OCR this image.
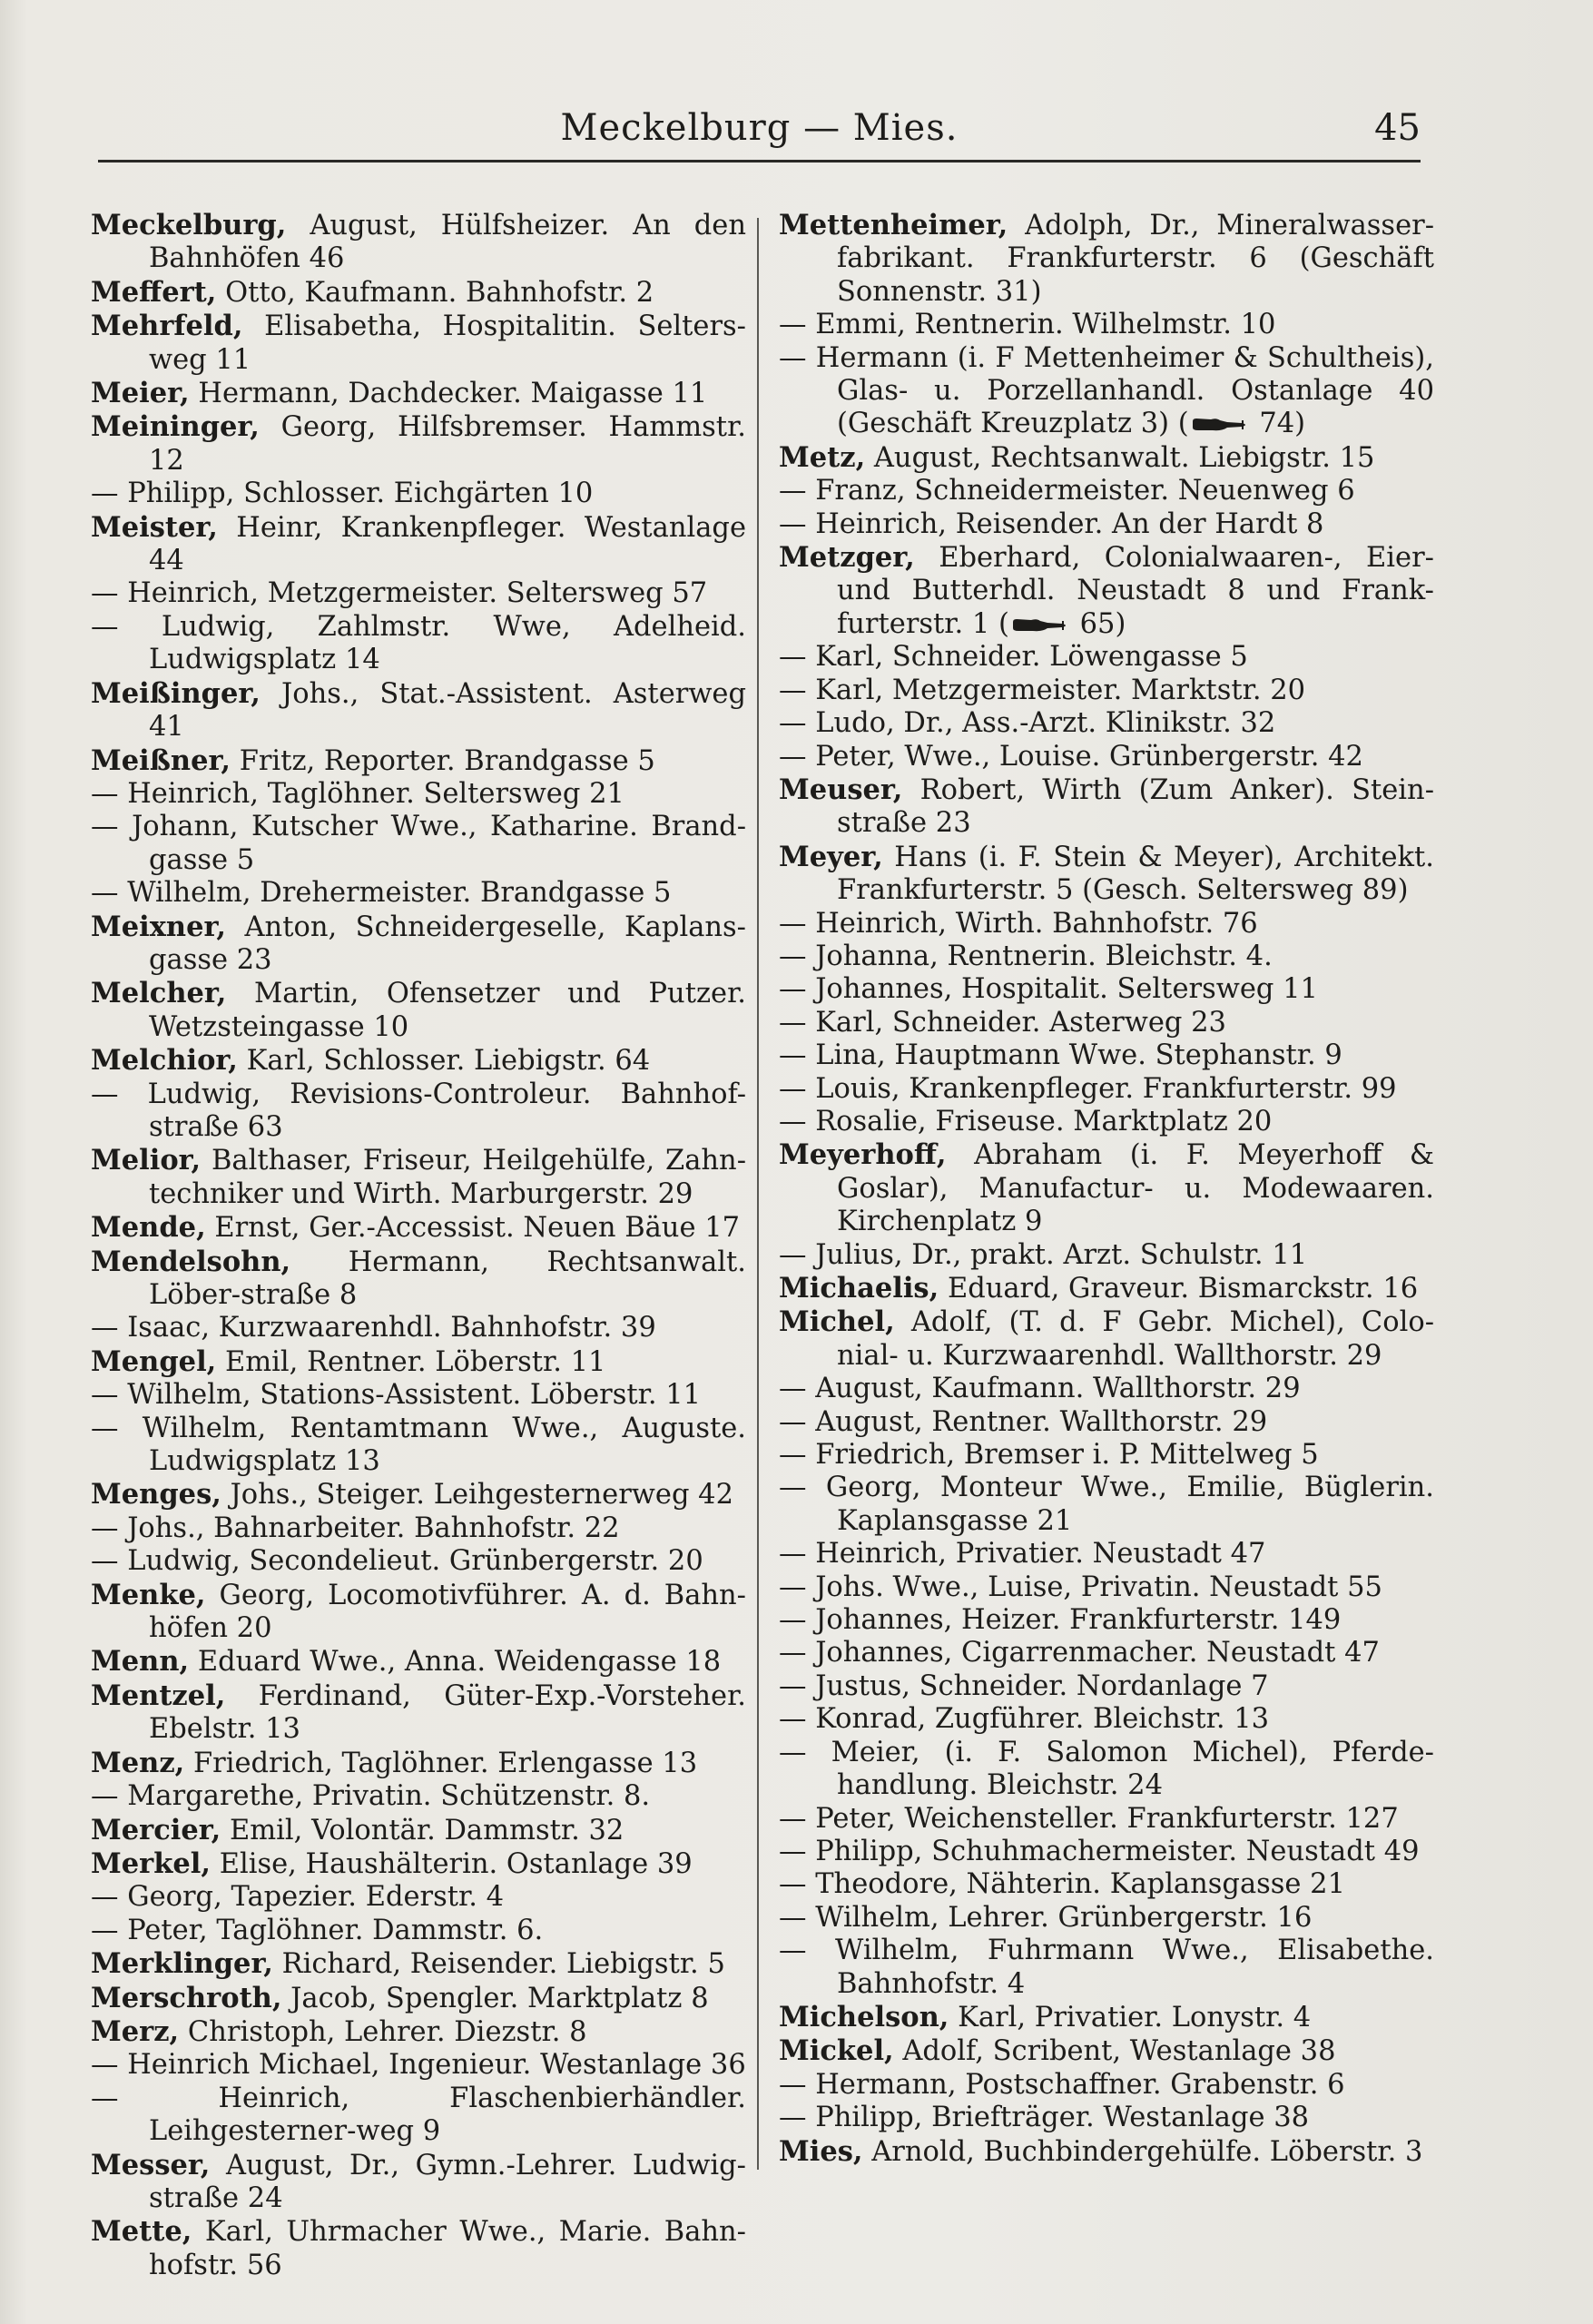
Meckelburg — Mies.	45
Meckelburg, August, Hülfsheizer. An den Bahnhöfen 46
Meffert, Otto, Kaufmann. Bahnhofstr. 2
Mehrfeld, Elisabetha, Hospitalitin. Selters-weg 11
Meier, Hermann, Dachdecker. Maigasse 11
Meininger, Georg, Hilfsbremser. Hammstr. 12
— Philipp, Schlosser. Eichgärten 10
Meister, Heinr, Krankenpfleger. Westanlage 44
— Heinrich, Metzgermeister. Seltersweg 57
— Ludwig, Zahlmstr. Wwe, Adelheid. Ludwigsplatz 14
Meißinger, Johs., Stat.-Assistent. Asterweg 41
Meißner, Fritz, Reporter. Brandgasse 5
— Heinrich, Taglöhner. Seltersweg 21
— Johann, Kutscher Wwe., Katharine. Brand-gasse 5
— Wilhelm, Drehermeister. Brandgasse 5
Meixner, Anton, Schneidergeselle, Kaplans-gasse 23
Melcher, Martin, Ofensetzer und Putzer. Wetzsteingasse 10
Melchior, Karl, Schlosser. Liebigstr. 64
— Ludwig, Revisions-Controleur. Bahnhof-straße 63
Melior, Balthaser, Friseur, Heilgehülfe, Zahn-techniker und Wirth. Marburgerstr. 29
Mende, Ernst, Ger.-Accessist. Neuen Bäue 17
Mendelsohn, Hermann, Rechtsanwalt. Löber-straße 8
— Isaac, Kurzwaarenhdl. Bahnhofstr. 39
Mengel, Emil, Rentner. Löberstr. 11
— Wilhelm, Stations-Assistent. Löberstr. 11
— Wilhelm, Rentamtmann Wwe., Auguste. Ludwigsplatz 13
Menges, Johs., Steiger. Leihgesternerweg 42
— Johs., Bahnarbeiter. Bahnhofstr. 22
— Ludwig, Secondelieut. Grünbergerstr. 20
Menke, Georg, Locomotivführer. A. d. Bahn-höfen 20
Menn, Eduard Wwe., Anna. Weidengasse 18
Mentzel, Ferdinand, Güter-Exp.-Vorsteher. Ebelstr. 13
Menz, Friedrich, Taglöhner. Erlengasse 13
— Margarethe, Privatin. Schützenstr. 8.
Mercier, Emil, Volontär. Dammstr. 32
Merkel, Elise, Haushälterin. Ostanlage 39
— Georg, Tapezier. Ederstr. 4
— Peter, Taglöhner. Dammstr. 6.
Merklinger, Richard, Reisender. Liebigstr. 5
Merschroth, Jacob, Spengler. Marktplatz 8
Merz, Christoph, Lehrer. Diezstr. 8
— Heinrich Michael, Ingenieur. Westanlage 36
—	Heinrich, Flaschenbierhändler. Leihgesterner-weg 9
Messer, August, Dr., Gymn.-Lehrer. Ludwig-straße 24
Mette, Karl, Uhrmacher Wwe., Marie. Bahn-hofstr. 56
Mettenheimer, Adolph, Dr., Mineralwasser-fabrikant. Frankfurterstr. 6 (Geschäft Sonnenstr. 31)
— Emmi, Rentnerin. Wilhelmstr. 10
— Hermann (i. F Mettenheimer & Schultheis), Glas- u. Porzellanhandl. Ostanlage 40 (Geschäft Kreuzplatz 3) ( 74)
Metz, August, Rechtsanwalt. Liebigstr. 15
— Franz, Schneidermeister. Neuenweg 6
— Heinrich, Reisender. An der Hardt 8
Metzger, Eberhard, Colonialwaaren-, Eier- und Butterhdl. Neustadt 8 und Frank-furterstr. 1 ( 65)
— Karl, Schneider. Löwengasse 5
— Karl, Metzgermeister. Marktstr. 20
— Ludo, Dr., Ass.-Arzt. Klinikstr. 32
— Peter, Wwe., Louise. Grünbergerstr. 42
Meuser, Robert, Wirth (Zum Anker). Stein-straße 23
Meyer, Hans (i. F. Stein & Meyer), Architekt. Frankfurterstr. 5 (Gesch. Seltersweg 89)
— Heinrich, Wirth. Bahnhofstr. 76
— Johanna, Rentnerin. Bleichstr. 4.
— Johannes, Hospitalit. Seltersweg 11
— Karl, Schneider. Asterweg 23
— Lina, Hauptmann Wwe. Stephanstr. 9
— Louis, Krankenpfleger. Frankfurterstr. 99
— Rosalie, Friseuse. Marktplatz 20
Meyerhoff, Abraham (i. F. Meyerhoff & Goslar), Manufactur- u. Modewaaren. Kirchenplatz 9
— Julius, Dr., prakt. Arzt. Schulstr. 11
Michaelis, Eduard, Graveur. Bismarckstr. 16
Michel, Adolf, (T. d. F Gebr. Michel), Colo-nial- u. Kurzwaarenhdl. Wallthorstr. 29
— August, Kaufmann. Wallthorstr. 29
— August, Rentner. Wallthorstr. 29
— Friedrich, Bremser i. P. Mittelweg 5
— Georg, Monteur Wwe., Emilie, Büglerin. Kaplansgasse 21
— Heinrich, Privatier. Neustadt 47
— Johs. Wwe., Luise, Privatin. Neustadt 55
— Johannes, Heizer. Frankfurterstr. 149
— Johannes, Cigarrenmacher. Neustadt 47
— Justus, Schneider. Nordanlage 7
— Konrad, Zugführer. Bleichstr. 13
— Meier, (i. F. Salomon Michel), Pferde-handlung. Bleichstr. 24
— Peter, Weichensteller. Frankfurterstr. 127
— Philipp, Schuhmachermeister. Neustadt 49
— Theodore, Nähterin. Kaplansgasse 21
— Wilhelm, Lehrer. Grünbergerstr. 16
— Wilhelm, Fuhrmann Wwe., Elisabethe. Bahnhofstr. 4
Michelson, Karl, Privatier. Lonystr. 4
Mickel, Adolf, Scribent, Westanlage 38
— Hermann, Postschaffner. Grabenstr. 6
— Philipp, Briefträger. Westanlage 38
Mies, Arnold, Buchbindergehülfe. Löberstr. 3
